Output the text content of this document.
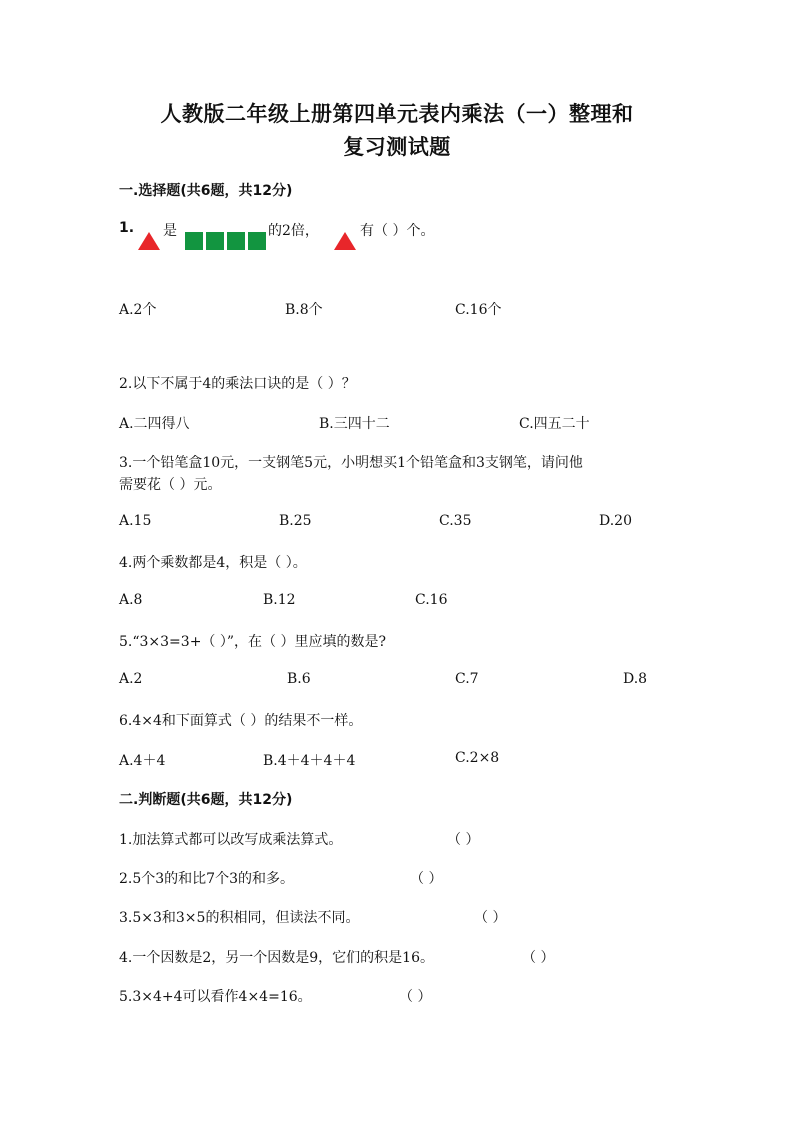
人教版二年级上册第四单元表内乘法（一）整理和
复习测试题
一.选择题(共6题，共12分)
1. 是	的2倍，	有（ ）个。
A.2个	B.8个	C.16个
2.以下不属于4的乘法口诀的是（ ）？
A.二四得八	B.三四十二	C.四五二十
3.一个铅笔盒10元，一支钢笔5元，小明想买1个铅笔盒和3支钢笔，请问他
需要花（ ）元。
A.15	B.25	C.35	D.20
4.两个乘数都是4，积是（ ）。
A.8	B.12	C.16
5.“3×3=3+（ ）”，在（ ）里应填的数是?
A.2	B.6	C.7	D.8
6.4×4和下面算式（ ）的结果不一样。
A.4＋4	B.4＋4＋4＋4	C.2×8
二.判断题(共6题，共12分)
1.加法算式都可以改写成乘法算式。	（ ）
2.5个3的和比7个3的和多。	（ ）
3.5×3和3×5的积相同，但读法不同。	（ ）
4.一个因数是2，另一个因数是9，它们的积是16。	（ ）
5.3×4+4可以看作4×4=16。	（ ）
